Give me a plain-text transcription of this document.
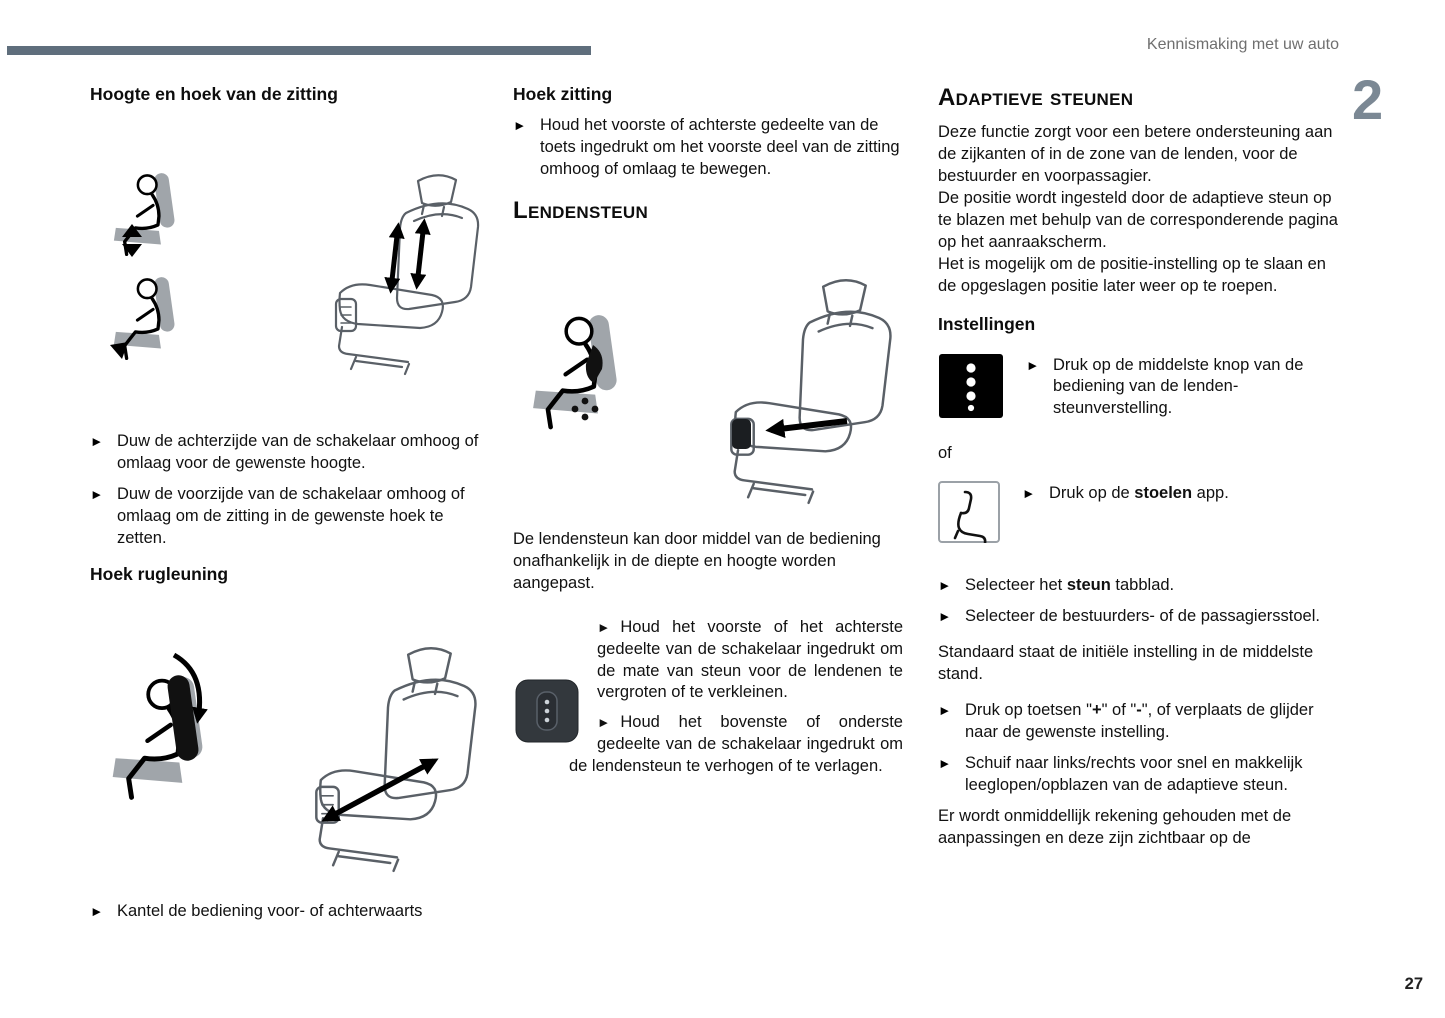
Kennismaking met uw auto
2
Hoogte en hoek van de zitting
► Duw de achterzijde van de schakelaar omhoog of omlaag voor de gewenste hoogte.
► Duw de voorzijde van de schakelaar omhoog of omlaag om de zitting in de gewenste hoek te zetten.
Hoek rugleuning
► Kantel de bediening voor- of achterwaarts
Hoek zitting
► Houd het voorste of achterste gedeelte van de toets ingedrukt om het voorste deel van de zitting omhoog of omlaag te bewegen.
Lendensteun

De lendensteun kan door middel van de bediening onafhankelijk in de diepte en hoogte worden aangepast.

► Houd het voorste of het achterste gedeelte van de schakelaar ingedrukt om de mate van steun voor de lendenen te vergroten of te verkleinen.
► Houd het bovenste of onderste gedeelte van de schakelaar ingedrukt om de lendensteun te verhogen of te verlagen.
Adaptieve steunen

Deze functie zorgt voor een betere ondersteuning aan de zijkanten of in de zone van de lenden, voor de bestuurder en voorpassagier.

De positie wordt ingesteld door de adaptieve steun op te blazen met behulp van de corresponderende pagina op het aanraakscherm.

Het is mogelijk om de positie-instelling op te slaan en de opgeslagen positie later weer op te roepen.

Instellingen
► Druk op de middelste knop van de bediening van de lendensteunverstelling.
of
► Druk op de stoelen app.
► Selecteer het steun tabblad.
► Selecteer de bestuurders- of de passagiersstoel.

Standaard staat de initiële instelling in de middelste stand.

► Druk op toetsen "+" of "-", of verplaats de glijder naar de gewenste instelling.
► Schuif naar links/rechts voor snel en makkelijk leeglopen/opblazen van de adaptieve steun.

Er wordt onmiddellijk rekening gehouden met de aanpassingen en deze zijn zichtbaar op de

27
